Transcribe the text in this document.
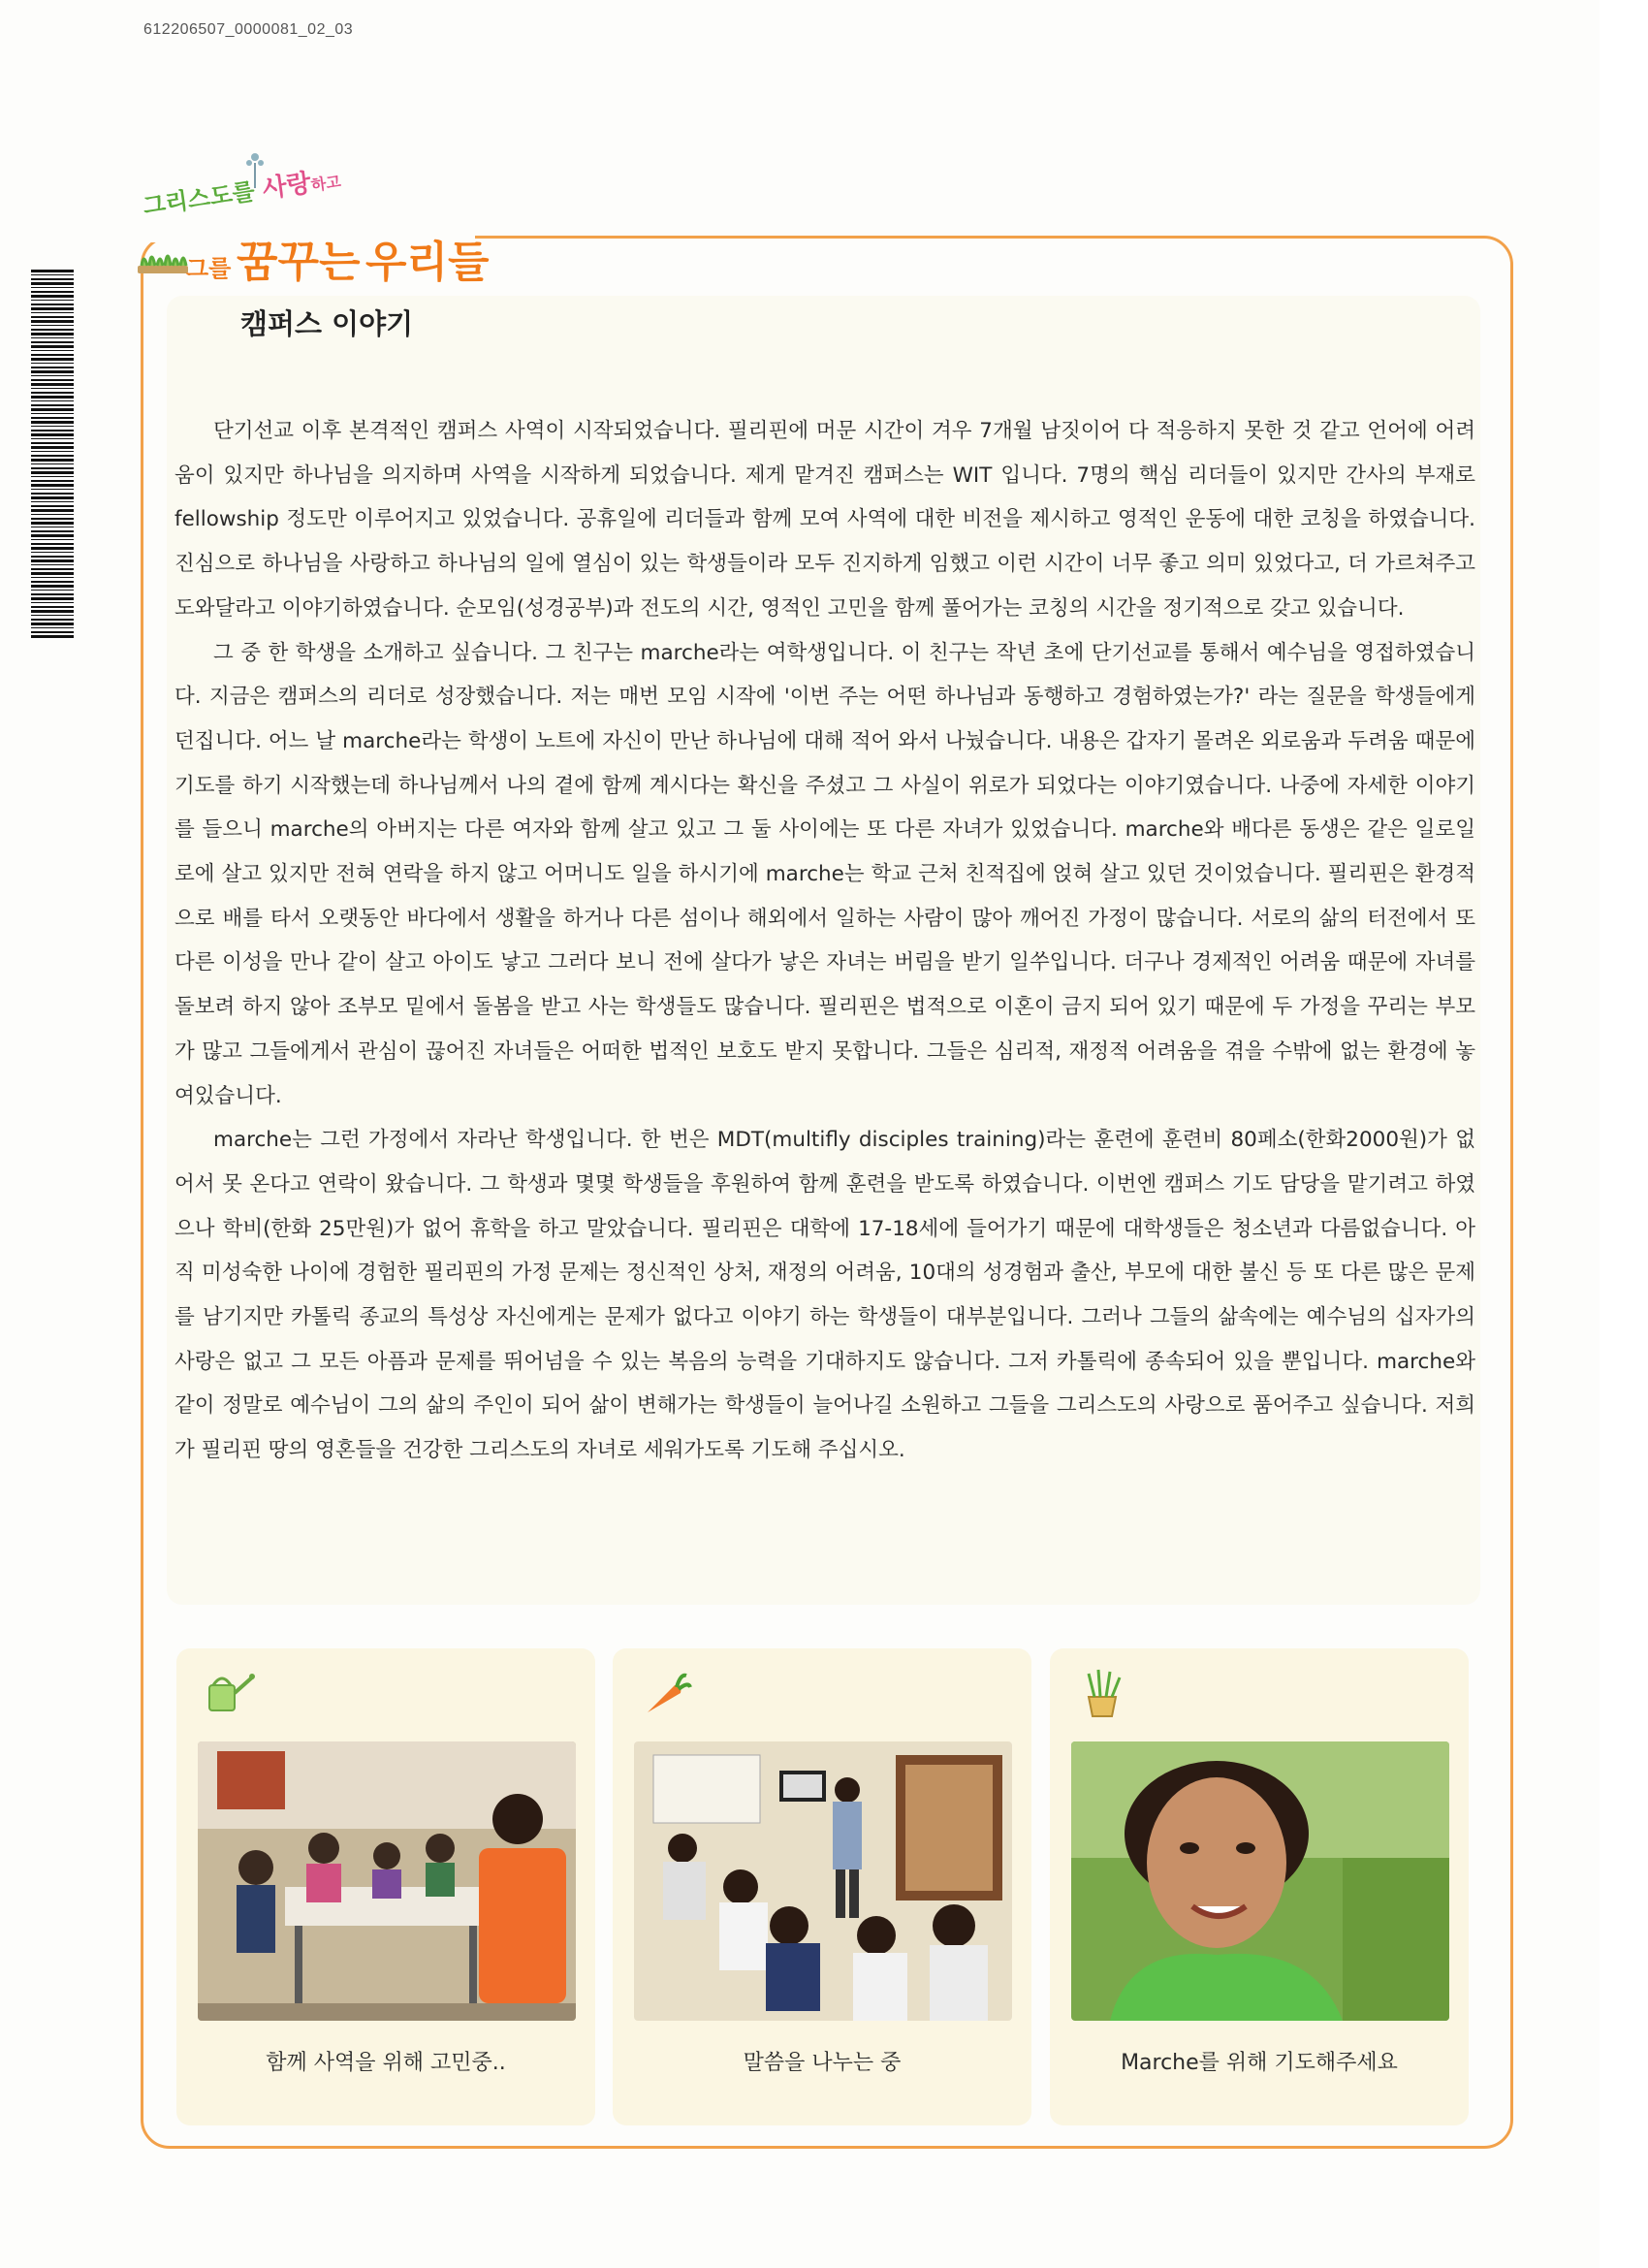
612206507_0000081_02_03
그리스도를 사랑하고
그를 꿈꾸는 우리들
캠퍼스 이야기

단기선교 이후 본격적인 캠퍼스 사역이 시작되었습니다. 필리핀에 머문 시간이 겨우 7개월 남짓이어 다 적응하지 못한 것 같고 언어에 어려움이 있지만 하나님을 의지하며 사역을 시작하게 되었습니다. 제게 맡겨진 캠퍼스는 WIT 입니다. 7명의 핵심 리더들이 있지만 간사의 부재로 fellowship 정도만 이루어지고 있었습니다. 공휴일에 리더들과 함께 모여 사역에 대한 비전을 제시하고 영적인 운동에 대한 코칭을 하였습니다. 진심으로 하나님을 사랑하고 하나님의 일에 열심이 있는 학생들이라 모두 진지하게 임했고 이런 시간이 너무 좋고 의미 있었다고, 더 가르쳐주고 도와달라고 이야기하였습니다. 순모임(성경공부)과 전도의 시간, 영적인 고민을 함께 풀어가는 코칭의 시간을 정기적으로 갖고 있습니다.

그 중 한 학생을 소개하고 싶습니다. 그 친구는 marche라는 여학생입니다. 이 친구는 작년 초에 단기선교를 통해서 예수님을 영접하였습니다. 지금은 캠퍼스의 리더로 성장했습니다. 저는 매번 모임 시작에 '이번 주는 어떤 하나님과 동행하고 경험하였는가?' 라는 질문을 학생들에게 던집니다. 어느 날 marche라는 학생이 노트에 자신이 만난 하나님에 대해 적어 와서 나눴습니다. 내용은 갑자기 몰려온 외로움과 두려움 때문에 기도를 하기 시작했는데 하나님께서 나의 곁에 함께 계시다는 확신을 주셨고 그 사실이 위로가 되었다는 이야기였습니다. 나중에 자세한 이야기를 들으니 marche의 아버지는 다른 여자와 함께 살고 있고 그 둘 사이에는 또 다른 자녀가 있었습니다. marche와 배다른 동생은 같은 일로일로에 살고 있지만 전혀 연락을 하지 않고 어머니도 일을 하시기에 marche는 학교 근처 친적집에 얹혀 살고 있던 것이었습니다. 필리핀은 환경적으로 배를 타서 오랫동안 바다에서 생활을 하거나 다른 섬이나 해외에서 일하는 사람이 많아 깨어진 가정이 많습니다. 서로의 삶의 터전에서 또 다른 이성을 만나 같이 살고 아이도 낳고 그러다 보니 전에 살다가 낳은 자녀는 버림을 받기 일쑤입니다. 더구나 경제적인 어려움 때문에 자녀를 돌보려 하지 않아 조부모 밑에서 돌봄을 받고 사는 학생들도 많습니다. 필리핀은 법적으로 이혼이 금지 되어 있기 때문에 두 가정을 꾸리는 부모가 많고 그들에게서 관심이 끊어진 자녀들은 어떠한 법적인 보호도 받지 못합니다. 그들은 심리적, 재정적 어려움을 겪을 수밖에 없는 환경에 놓여있습니다.

marche는 그런 가정에서 자라난 학생입니다. 한 번은 MDT(multifly disciples training)라는 훈련에 훈련비 80페소(한화2000원)가 없어서 못 온다고 연락이 왔습니다. 그 학생과 몇몇 학생들을 후원하여 함께 훈련을 받도록 하였습니다. 이번엔 캠퍼스 기도 담당을 맡기려고 하였으나 학비(한화 25만원)가 없어 휴학을 하고 말았습니다. 필리핀은 대학에 17-18세에 들어가기 때문에 대학생들은 청소년과 다름없습니다. 아직 미성숙한 나이에 경험한 필리핀의 가정 문제는 정신적인 상처, 재정의 어려움, 10대의 성경험과 출산, 부모에 대한 불신 등 또 다른 많은 문제를 남기지만 카톨릭 종교의 특성상 자신에게는 문제가 없다고 이야기 하는 학생들이 대부분입니다. 그러나 그들의 삶속에는 예수님의 십자가의 사랑은 없고 그 모든 아픔과 문제를 뛰어넘을 수 있는 복음의 능력을 기대하지도 않습니다. 그저 카톨릭에 종속되어 있을 뿐입니다. marche와 같이 정말로 예수님이 그의 삶의 주인이 되어 삶이 변해가는 학생들이 늘어나길 소원하고 그들을 그리스도의 사랑으로 품어주고 싶습니다. 저희가 필리핀 땅의 영혼들을 건강한 그리스도의 자녀로 세워가도록 기도해 주십시오.

함께 사역을 위해 고민중..	말씀을 나누는 중	Marche를 위해 기도해주세요
